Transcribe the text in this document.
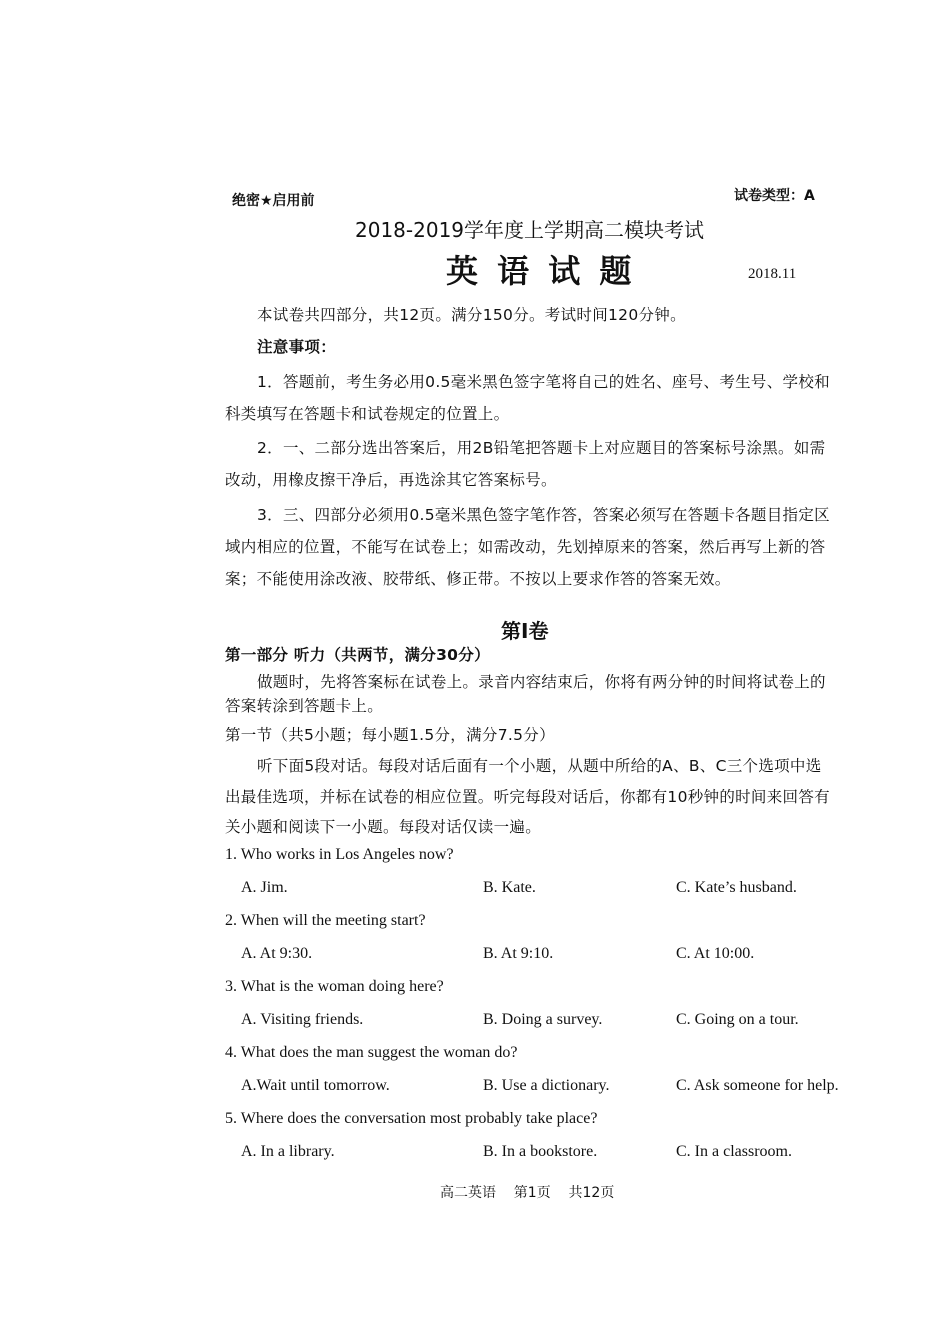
绝密★启用前	试卷类型：A
2018-2019学年度上学期高二模块考试
英 语 试 题	2018.11
本试卷共四部分，共12页。满分150分。考试时间120分钟。
注意事项：
1．答题前，考生务必用0.5毫米黑色签字笔将自己的姓名、座号、考生号、学校和
科类填写在答题卡和试卷规定的位置上。
2．一、二部分选出答案后，用2B铅笔把答题卡上对应题目的答案标号涂黑。如需
改动，用橡皮擦干净后，再选涂其它答案标号。
3．三、四部分必须用0.5毫米黑色签字笔作答，答案必须写在答题卡各题目指定区
域内相应的位置，不能写在试卷上；如需改动，先划掉原来的答案，然后再写上新的答
案；不能使用涂改液、胶带纸、修正带。不按以上要求作答的答案无效。
第Ⅰ卷
第一部分 听力（共两节，满分30分）
做题时，先将答案标在试卷上。录音内容结束后，你将有两分钟的时间将试卷上的
答案转涂到答题卡上。
第一节（共5小题；每小题1.5分，满分7.5分）
听下面5段对话。每段对话后面有一个小题，从题中所给的A、B、C三个选项中选
出最佳选项，并标在试卷的相应位置。听完每段对话后，你都有10秒钟的时间来回答有
关小题和阅读下一小题。每段对话仅读一遍。
1. Who works in Los Angeles now?
A. Jim.	B. Kate.	C. Kate’s husband.
2. When will the meeting start?
A. At 9:30.	B. At 9:10.	C. At 10:00.
3. What is the woman doing here?
A. Visiting friends.	B. Doing a survey.	C. Going on a tour.
4. What does the man suggest the woman do?
A.Wait until tomorrow.	B. Use a dictionary.	C. Ask someone for help.
5. Where does the conversation most probably take place?
A. In a library.	B. In a bookstore.	C. In a classroom.
高二英语    第1页    共12页
